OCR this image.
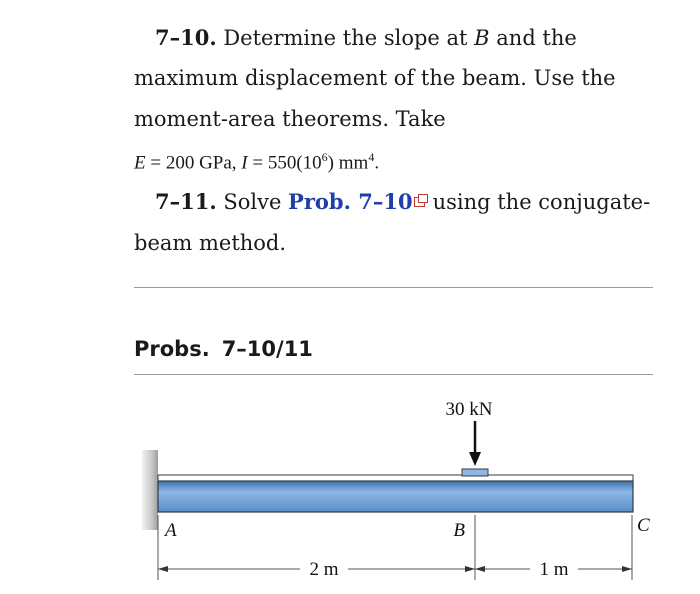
7–10. Determine the slope at B and the
maximum displacement of the beam. Use the
moment-area theorems. Take
E = 200 GPa, $I = 550(10^6)$ $mm^4$.
7–11. Solve Prob. 7–10 using the conjugate-
beam method.
Probs. 7–10/11
30 kN
A	B	C
2 m	1 m
